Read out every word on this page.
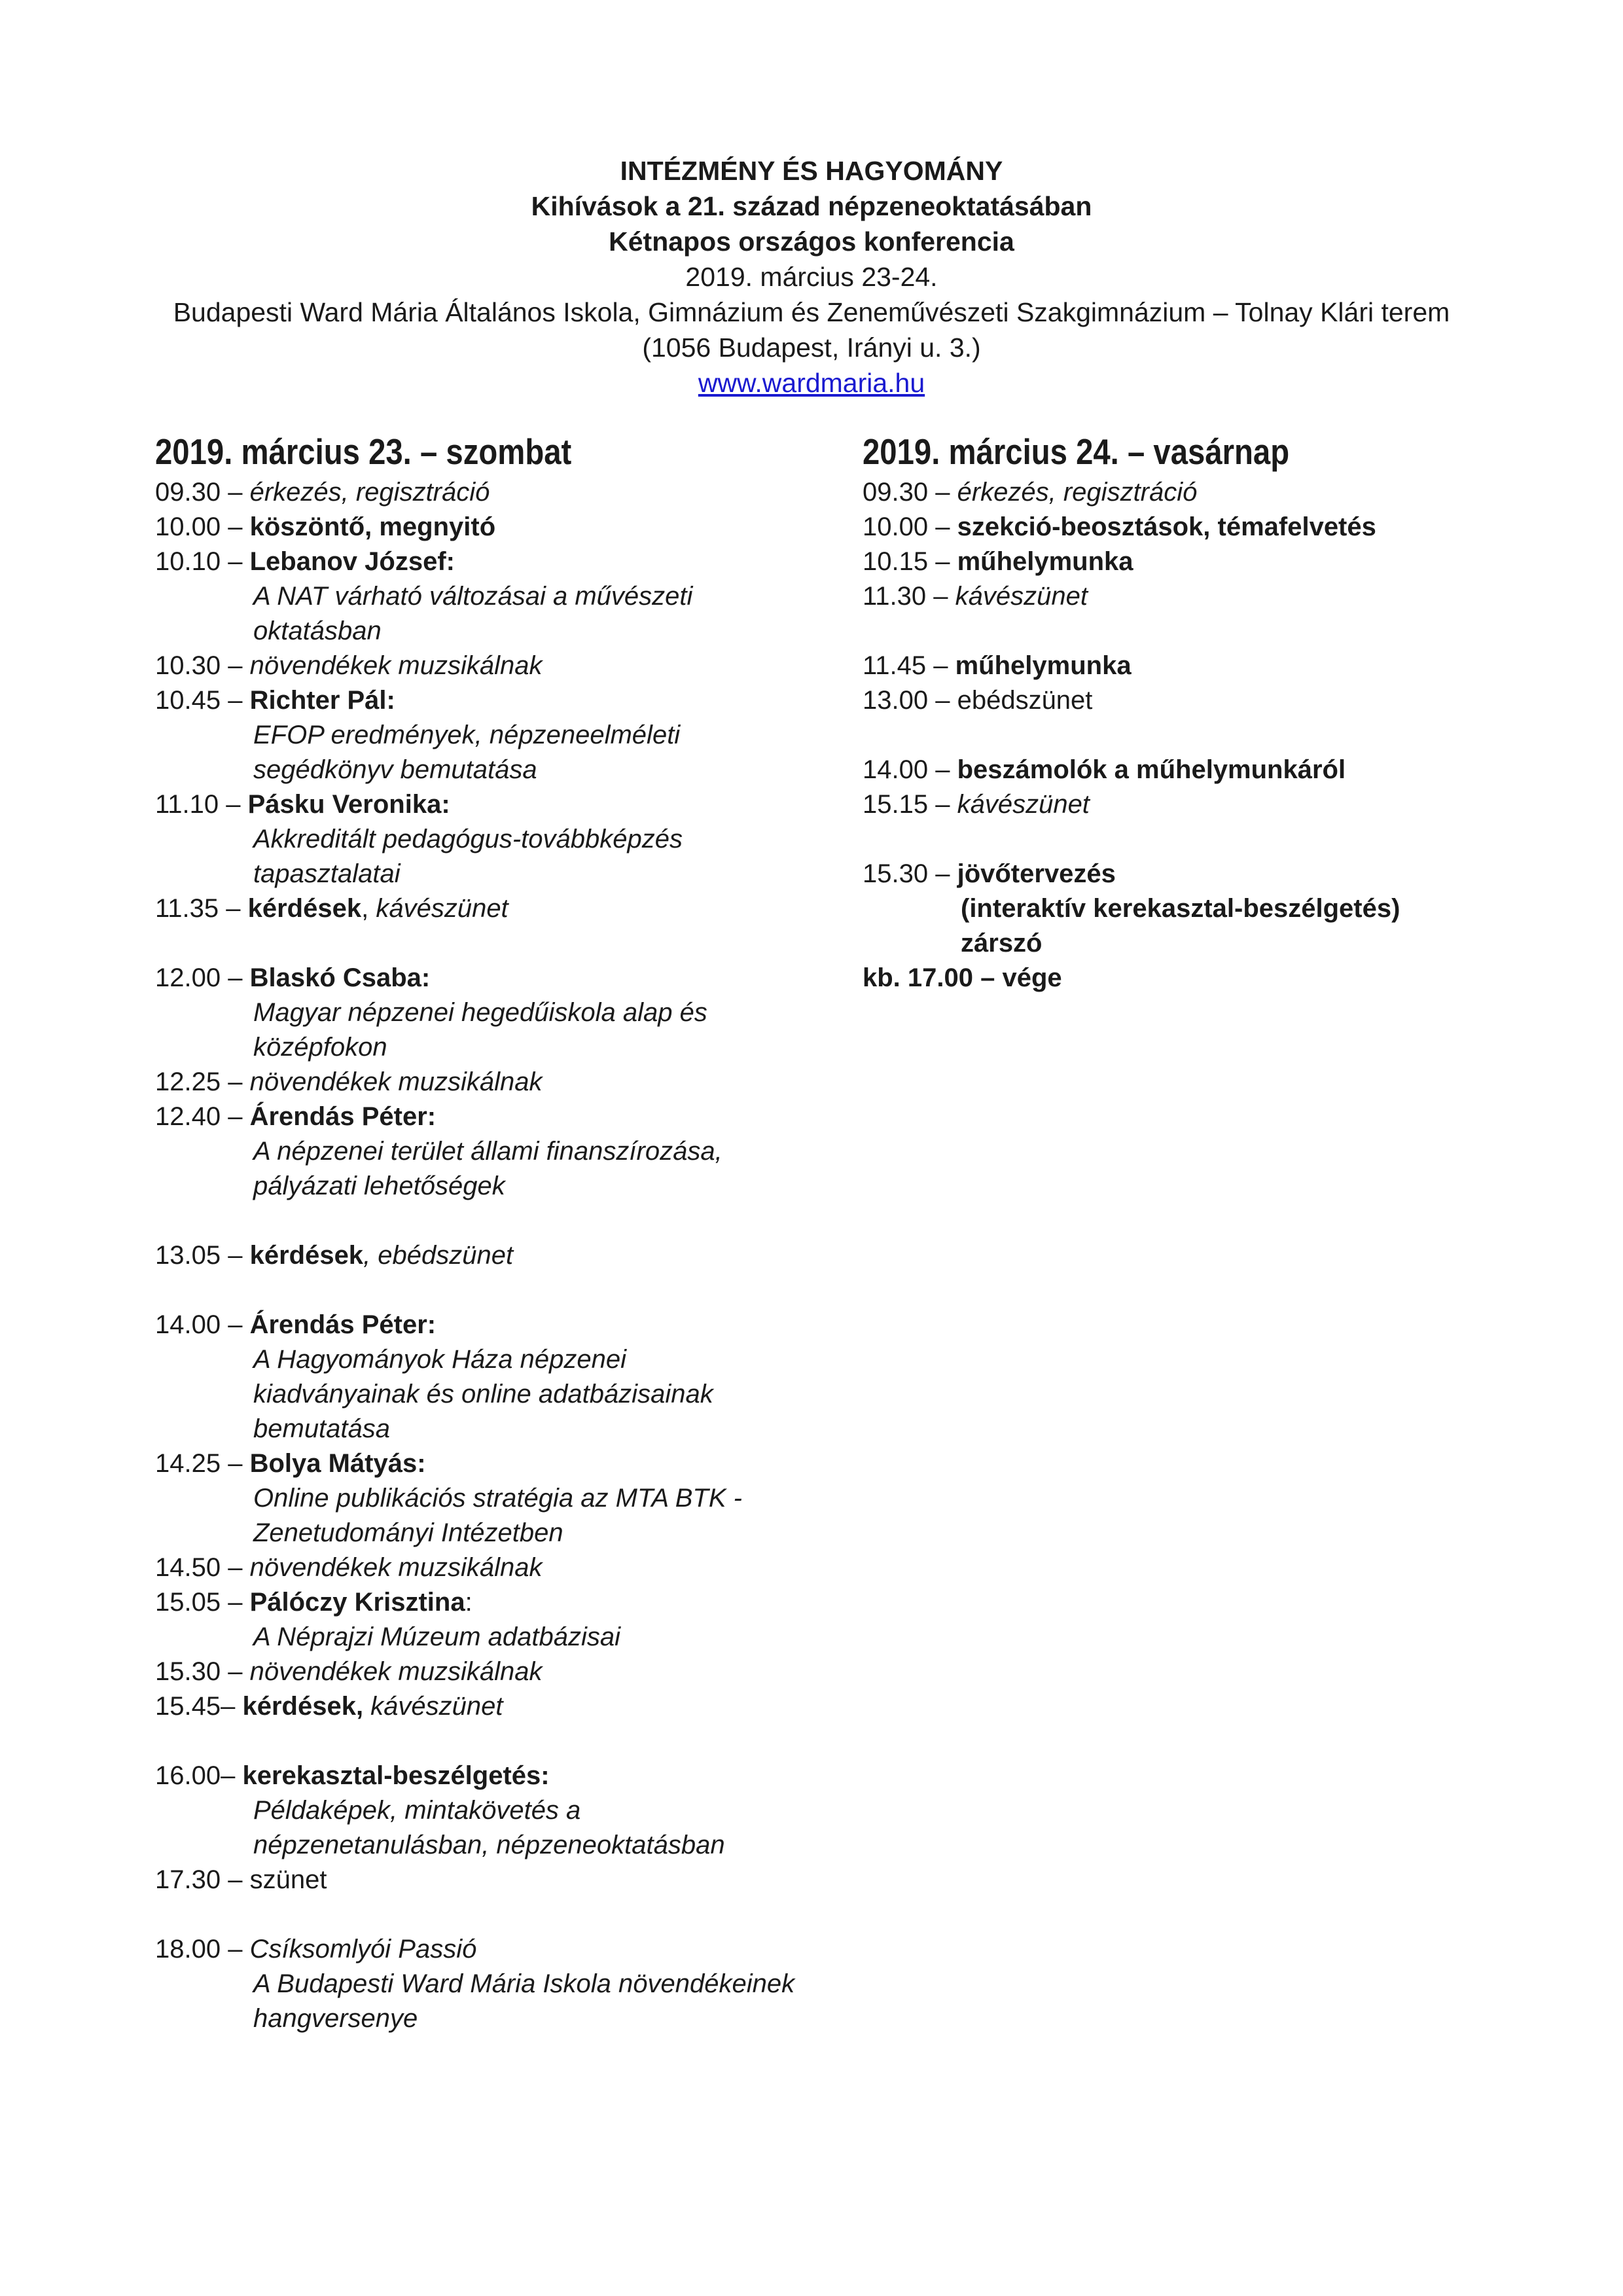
INTÉZMÉNY ÉS HAGYOMÁNY
Kihívások a 21. század népzeneoktatásában
Kétnapos országos konferencia
2019. március 23-24.
Budapesti Ward Mária Általános Iskola, Gimnázium és Zeneművészeti Szakgimnázium – Tolnay Klári terem
(1056 Budapest, Irányi u. 3.)
www.wardmaria.hu
2019. március 23. – szombat
09.30 – érkezés, regisztráció
10.00 – köszöntő, megnyitó
10.10 – Lebanov József:
A NAT várható változásai a művészeti
oktatásban
10.30 – növendékek muzsikálnak
10.45 – Richter Pál:
EFOP eredmények, népzeneelméleti
segédkönyv bemutatása
11.10 – Pásku Veronika:
Akkreditált pedagógus-továbbképzés
tapasztalatai
11.35 – kérdések, kávészünet
12.00 – Blaskó Csaba:
Magyar népzenei hegedűiskola alap és
középfokon
12.25 – növendékek muzsikálnak
12.40 – Árendás Péter:
A népzenei terület állami finanszírozása,
pályázati lehetőségek
13.05 – kérdések, ebédszünet
14.00 – Árendás Péter:
A Hagyományok Háza népzenei
kiadványainak és online adatbázisainak
bemutatása
14.25 – Bolya Mátyás:
Online publikációs stratégia az MTA BTK -
Zenetudományi Intézetben
14.50 – növendékek muzsikálnak
15.05 – Pálóczy Krisztina:
A Néprajzi Múzeum adatbázisai
15.30 – növendékek muzsikálnak
15.45– kérdések, kávészünet
16.00– kerekasztal-beszélgetés:
Példaképek, mintakövetés a
népzenetanulásban, népzeneoktatásban
17.30 – szünet
18.00 – Csíksomlyói Passió
A Budapesti Ward Mária Iskola növendékeinek
hangversenye
2019. március 24. – vasárnap
09.30 – érkezés, regisztráció
10.00 – szekció-beosztások, témafelvetés
10.15 – műhelymunka
11.30 – kávészünet
11.45 – műhelymunka
13.00 – ebédszünet
14.00 – beszámolók a műhelymunkáról
15.15 – kávészünet
15.30 – jövőtervezés
(interaktív kerekasztal-beszélgetés)
zárszó
kb. 17.00 – vége
